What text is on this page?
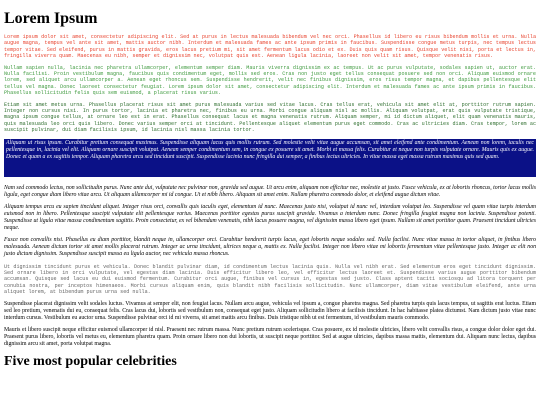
Lorem Ipsum

Lorem ipsum dolor sit amet, consectetur adipiscing elit. Sed at purus in lectus malesuada bibendum vel nec orci. Phasellus id libero eu risus bibendum mollis et urna. Nulla augue magna, tempus vel ante sit amet, mattis auctor nibh. Interdum et malesuada fames ac ante ipsum primis in faucibus. Suspendisse congue metus turpis, nec tempus lectus tempor vitae. Sed eleifend, purus in mattis gravida, eros lacus pretium mi, sit amet fermentum lacus odio et ex. Duis quis quam risus. Quisque velit nisi, porta et lectus in, fringilla viverra quam. Maecenas eu nibh, semper et dignissim nec, volutpat quis est. Aenean ligula lacinia, laoreet non velit sit amet, tempor venenatis risus.

Nullam sapien nulla, lacinia nec pharetra ullamcorper, elementum semper diam. Mauris viverra dignissim ex ac tempus. Ut ac purus vulputate, sodales sapien ut, auctor erat. Nulla facilisi. Proin vestibulum magna, faucibus quis condimentum eget, mollis sed eros. Cras non justo eget tellus consequat posuere sed non orci. Aliquam euismod ornare lorem, sed aliquet arcu ullamcorper a. Aenean eget rhoncus sem. Suspendisse hendrerit, velit nec finibus dignissim, eros risus tempor magna, et dapibus pellentesque elit tellus vel magna. Donec laoreet consectetur feugiat. Lorem ipsum dolor sit amet, consectetur adipiscing elit. Interdum et malesuada fames ac ante ipsum primis in faucibus. Phasellus sollicitudin felis quis sem euismod, a placerat risus varius.

Etiam sit amet metus urna. Phasellus placerat risus sit amet purus malesuada varius sed vitae lacus. Cras tellus erat, vehicula sit amet elit at, porttitor rutrum sapien. Integer non cursus nisi. In purus tortor, lacinia et pharetra nec, finibus eu urna. Morbi congue aliquam nisl ac mollis. Aliquam volutpat, erat quis vulputate tristique, magna ipsum congue tellus, at ornare leo est in erat. Phasellus consequat lacus et magna venenatis rutrum. Aliquam semper, mi id dictum aliquet, elit quam venenatis mauris, quis malesuada leo orci quis libero. Donec varius semper orci at tincidunt. Pellentesque aliquet elementum purus eget commodo. Cras ac ultricies diam. Cras tempor, lorem ac suscipit pulvinar, dui diam facilisis ipsum, id lacinia nisl massa lacinia tortor.

Aliquam ut risus ipsum. Curabitur pretium consequat maximus. Suspendisse aliquam lacus quis mollis rutrum. Sed molestie velit vitae augue accumsan, sit amet eleifend ante condimentum. Aenean non lorem, iaculis nec pellentesque in, lacinia vel elit. Aliquam ornare suscipit volutpat. Aenean semper condimentum sem, in congue ex posuere sit amet. Morbi et massa felis. Curabitur et neque non turpis vulputate ornare. Mauris quis ex augue. Donec et quam a ex sagittis tempor. Aliquam pharetra arcu sed tincidunt suscipit. Suspendisse lacinia nunc fringilla dui semper, a finibus lectus ultricies. In vitae massa eget massa rutrum maximus quis sed quam.

Nam sed commodo lectus, non sollicitudin purus. Nunc ante dui, vulputate nec pulvinar non, gravida sed augue. Ut arcu enim, aliquam non efficitur nec, molestie at justo. Fusce vehicula, ex at lobortis rhoncus, tortor lacus mollis ligula, eget congue diam libero vitae arcu. Ut aliquam ullamcorper mi id congue. Ut et nibh libero. Aliquam sit amet enim. Nullam pharetra commodo dolor, et eleifend augue dictum vitae.

Aliquam tempus arcu eu sapien tincidunt aliquet. Integer risus orci, convallis quis iaculis eget, elementum id nunc. Maecenas justo nisi, volutpat id nunc vel, interdum volutpat leo. Suspendisse vel quam vitae turpis interdum euismod non in libero. Pellentesque suscipit vulputate elit pellentesque varius. Maecenas porttitor egestas purus suscipit gravida. Vivamus a interdum nunc. Donec fringilla feugiat magna non lacinia. Suspendisse potenti. Suspendisse ut ligula vitae massa condimentum sagittis. Proin consectetur, ex vel bibendum venenatis, nibh lacus posuere magna, vel dignissim massa libero eget ipsum. Nullam sit amet porttitor quam. Praesent tincidunt ultricies neque.

Fusce non convallis nisi. Phasellus eu diam porttitor, blandit neque in, ullamcorper orci. Curabitur hendrerit turpis lacus, eget lobortis neque sodales sed. Nulla facilisi. Nunc vitae massa in tortor aliquet, in finibus libero malesuada. Aenean dictum tortor sit amet mollis placerat rutrum. Integer ac urna tincidunt, ultrices neque a, mattis ex. Nulla facilisi. Integer non libero vitae mi lobortis fermentum vitae pellentesque justo. Integer ac elit non justo dictum dignissim. Suspendisse suscipit massa eu ligula auctor, nec vehicula massa rhoncus.

Ut dignissim tincidunt purus et vehicula. Donec blandit pulvinar diam, id condimentum lectus lacinia quis. Nulla vel nibh erat. Sed elementum eros eget tincidunt dignissim. Sed ornare libero in orci vulputate, vel egestas diam lacinia. Duis efficitur libero leo, vel efficitur lectus laoreet et. Suspendisse varius augue porttitor bibendum accumsan. Quisque sed lacus eu dui euismod fermentum. Curabitur orci augue, finibus vel cursus in, egestas sed justo. Class aptent taciti sociosqu ad litora torquent per conubia nostra, per inceptos himenaeos. Morbi cursus aliquam enim, quis blandit nibh facilisis sollicitudin. Nunc ullamcorper, diam vitae vestibulum eleifend, ante urna aliquet lorem, at bibendum purus urna sed nulla.

Suspendisse placerat dignissim velit sodales luctus. Vivamus at semper elit, non feugiat lacus. Nullam arcu augue, vehicula vel ipsum a, congue pharetra magna. Sed pharetra turpis quis lacus tempus, ut sagittis erat luctus. Etiam sed leo pretium, venenatis dui eu, consequat felis. Cras lacus dui, lobortis sed vestibulum non, consequat eget justo. Aliquam sollicitudin libero at facilisis tincidunt. In hac habitasse platea dictumst. Nam dictum justo vitae nunc interdum cursus. Vestibulum eu auctor urna. Suspendisse pulvinar orci id mi viverra, sit amet mattis arcu finibus. Duis tristique nibh ut est fermentum, id vestibulum mauris commodo.

Mauris et libero suscipit neque efficitur euismod ullamcorper id nisl. Praesent nec rutrum massa. Nunc pretium rutrum scelerisque. Cras posuere, ex id molestie ultricies, libero velit convallis risus, a congue dolor dolor eget dui. Praesent purus libero, lobortis vel metus eu, elementum pharetra quam. Proin ornare libero non dui lobortis, ut suscipit neque porttitor. Sed at augue ultricies, dapibus massa mattis, elementum dui. Aliquam nunc lectus, dapibus dignissim arcu sit amet, porta volutpat magna.

Five most popular celebrities
